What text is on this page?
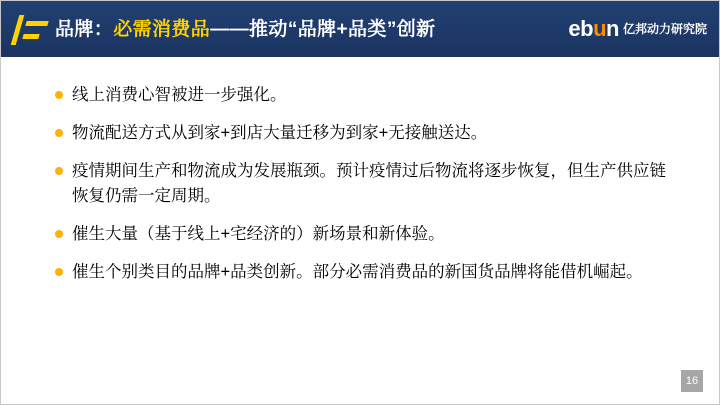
品牌：必需消费品——推动“品牌+品类”创新	ebun 亿邦动力研究院
线上消费心智被进一步强化。
物流配送方式从到家+到店大量迁移为到家+无接触送达。
疫情期间生产和物流成为发展瓶颈。预计疫情过后物流将逐步恢复，但生产供应链恢复仍需一定周期。
催生大量（基于线上+宅经济的）新场景和新体验。
催生个别类目的品牌+品类创新。部分必需消费品的新国货品牌将能借机崛起。
16
